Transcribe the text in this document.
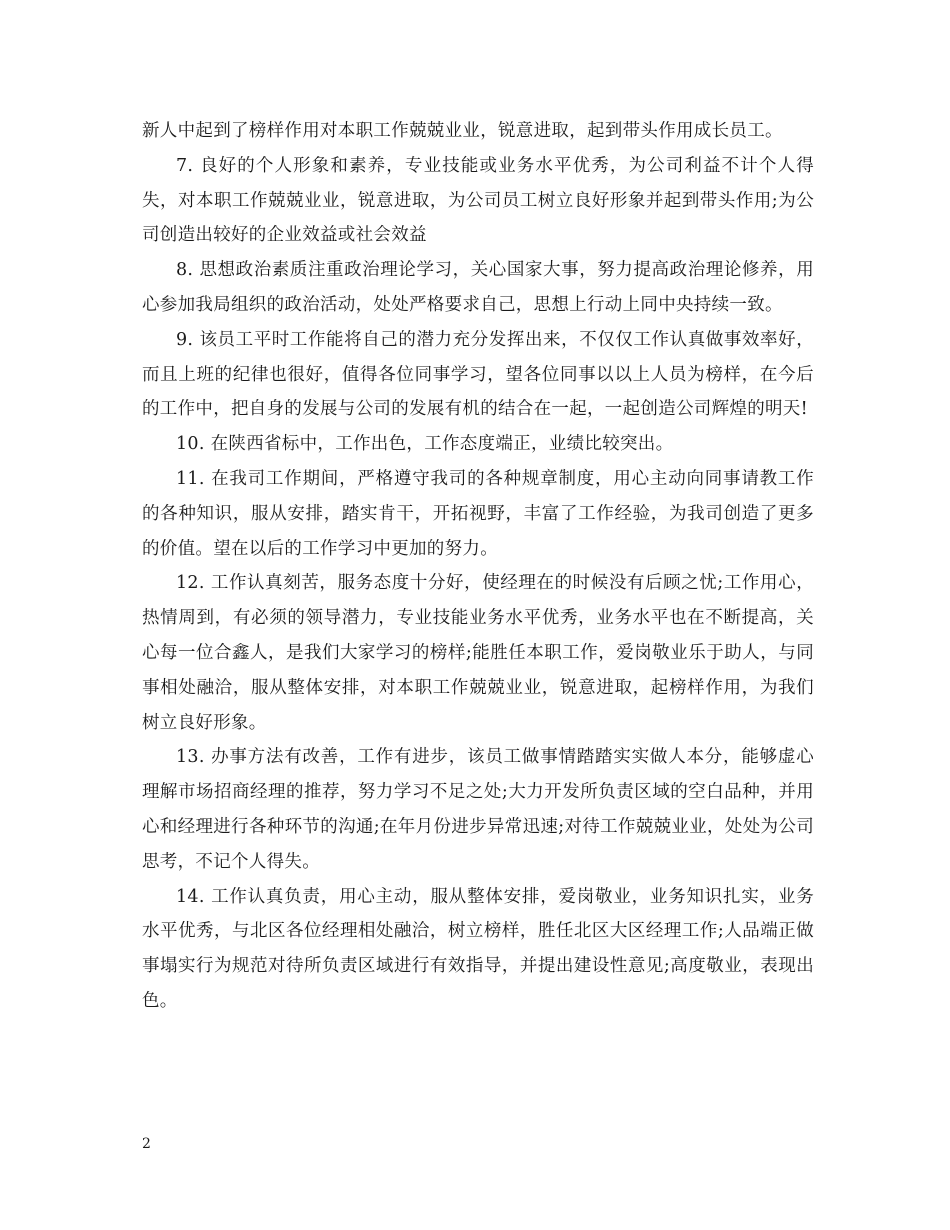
新人中起到了榜样作用对本职工作兢兢业业，锐意进取，起到带头作用成长员工。

7. 良好的个人形象和素养，专业技能或业务水平优秀，为公司利益不计个人得失，对本职工作兢兢业业，锐意进取，为公司员工树立良好形象并起到带头作用;为公司创造出较好的企业效益或社会效益

8. 思想政治素质注重政治理论学习，关心国家大事，努力提高政治理论修养，用心参加我局组织的政治活动，处处严格要求自己，思想上行动上同中央持续一致。

9. 该员工平时工作能将自己的潜力充分发挥出来，不仅仅工作认真做事效率好，而且上班的纪律也很好，值得各位同事学习，望各位同事以以上人员为榜样，在今后的工作中，把自身的发展与公司的发展有机的结合在一起，一起创造公司辉煌的明天!

10. 在陕西省标中，工作出色，工作态度端正，业绩比较突出。

11. 在我司工作期间，严格遵守我司的各种规章制度，用心主动向同事请教工作的各种知识，服从安排，踏实肯干，开拓视野，丰富了工作经验，为我司创造了更多的价值。望在以后的工作学习中更加的努力。

12. 工作认真刻苦，服务态度十分好，使经理在的时候没有后顾之忧;工作用心，热情周到，有必须的领导潜力，专业技能业务水平优秀，业务水平也在不断提高，关心每一位合鑫人，是我们大家学习的榜样;能胜任本职工作，爱岗敬业乐于助人，与同事相处融洽，服从整体安排，对本职工作兢兢业业，锐意进取，起榜样作用，为我们树立良好形象。

13. 办事方法有改善，工作有进步，该员工做事情踏踏实实做人本分，能够虚心理解市场招商经理的推荐，努力学习不足之处;大力开发所负责区域的空白品种，并用心和经理进行各种环节的沟通;在年月份进步异常迅速;对待工作兢兢业业，处处为公司思考，不记个人得失。

14. 工作认真负责，用心主动，服从整体安排，爱岗敬业，业务知识扎实，业务水平优秀，与北区各位经理相处融洽，树立榜样，胜任北区大区经理工作;人品端正做事塌实行为规范对待所负责区域进行有效指导，并提出建设性意见;高度敬业，表现出色。

2
